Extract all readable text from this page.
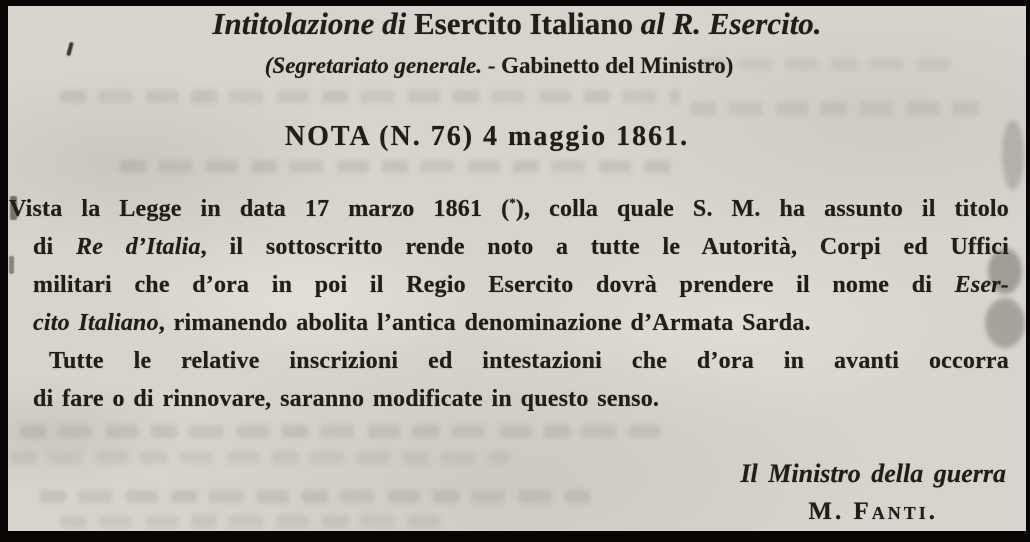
Intitolazione di Esercito Italiano al R. Esercito.
(Segretariato generale. - Gabinetto del Ministro)
NOTA (N. 76) 4 maggio 1861.
Vista la Legge in data 17 marzo 1861 (*), colla quale S. M. ha assunto il titolo
di Re d’Italia, il sottoscritto rende noto a tutte le Autorità, Corpi ed Uffici
militari che d’ora in poi il Regio Esercito dovrà prendere il nome di Eser-
cito Italiano, rimanendo abolita l’antica denominazione d’Armata Sarda.
Tutte le relative inscrizioni ed intestazioni che d’ora in avanti occorra
di fare o di rinnovare, saranno modificate in questo senso.
Il Ministro della guerra
M. Fanti.
